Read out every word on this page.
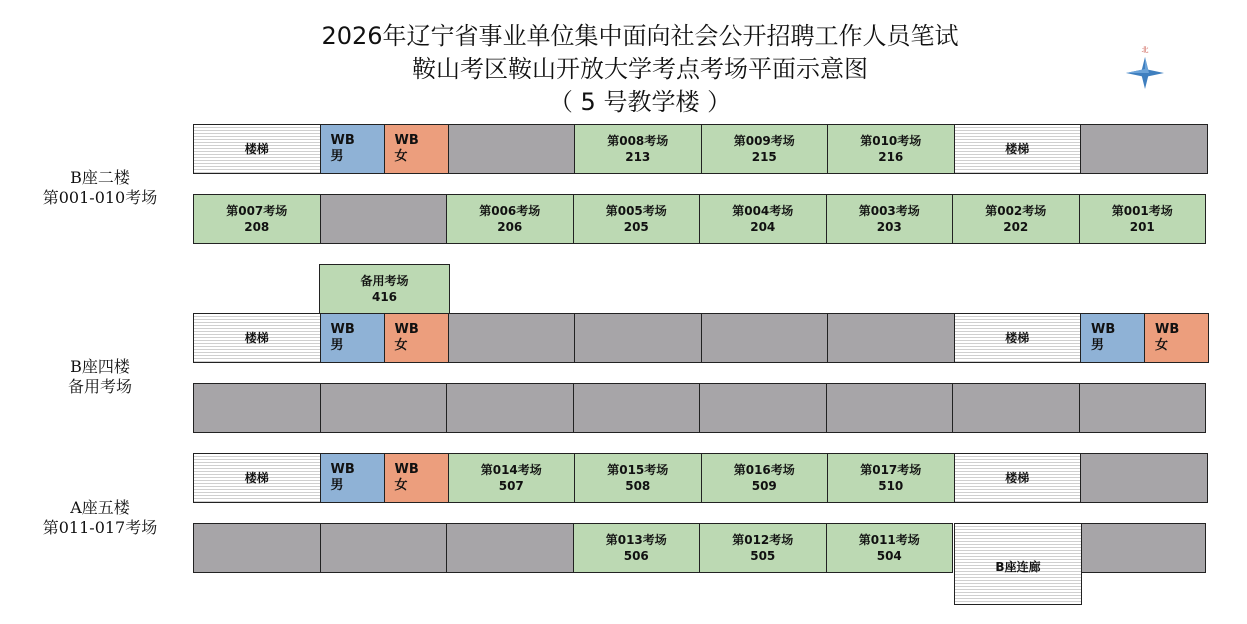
2026年辽宁省事业单位集中面向社会公开招聘工作人员笔试
鞍山考区鞍山开放大学考点考场平面示意图
（ 5 号教学楼 ）
北
B座二楼
第001-010考场
B座四楼
备用考场
A座五楼
第011-017考场
楼梯
WB
男
WB
女
第008考场
213
第009考场
215
第010考场
216
楼梯
第007考场
208
第006考场
206
第005考场
205
第004考场
204
第003考场
203
第002考场
202
第001考场
201
备用考场
416
楼梯
WB
男
WB
女	楼梯
WB
男
WB
女
楼梯
WB
男
WB
女
第014考场
507
第015考场
508
第016考场
509
第017考场
510
楼梯
第013考场
506
第012考场
505
第011考场
504
B座连廊
